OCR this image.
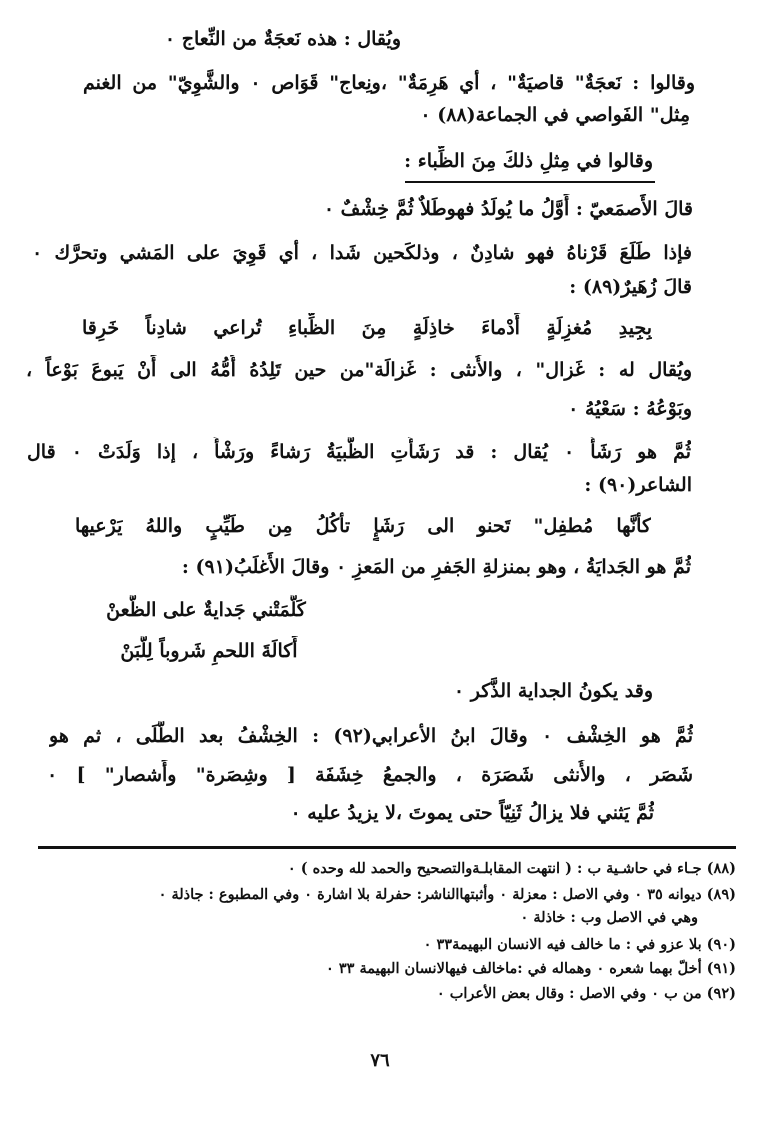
ويُقال : هذه نَعجَةٌ من النِّعاج ٠
وقالوا : نَعجَةٌ" قاصيَةٌ" ، أي هَرِمَةٌ" ،ونِعاج" قَوَاص ٠ والشَّوِيّ" من الغنم
مِثل" الفَواصي في الجماعة(٨٨) ٠
وقالوا في مِثلِ ذلكَ مِنَ الظِّباء :
قالَ الأَصمَعيّ : أَوَّلُ ما يُولَدُ فهوطَلاٌ ثُمَّ خِشْفٌ ٠
فإذا طَلَعَ قَرْناهُ فهو شادِنٌ ، وذلكَحين شَدا ، أي قَوِيَ على المَشي وتحرَّك ٠
قالَ زُهَيرٌ(٨٩) :
بِجِيدِ مُغزِلَةٍ أَدْماءَ خاذِلَةٍ مِنَ الظِّباءِ تُراعي شادِناً خَرِقا
ويُقال له : غَزال" ، والأُنثى : غَزالَة"من حين تَلِدُهُ أُمُّهُ الى أَنْ يَبوعَ بَوْعاً ،
وبَوْعُهُ : سَعْيُهُ ٠
ثُمَّ هو رَشَأٌ ٠ يُقال : قد رَشَأَتِ الظَّبيَةُ رَشاءً ورَشْأً ، إذا وَلَدَتْ ٠ قال
الشاعر(٩٠) :
كأنَّها مُطفِل" تَحنو الى رَشَإٍ تأكُلُ مِن طَيِّبٍ واللهُ يَرْعيها
ثُمَّ هو الجَدايَةُ ، وهو بمنزلةِ الجَفرِ من المَعزِ ٠ وقالَ الأَغلَبُ(٩١) :
كَلَّمَتْني جَدايةٌ على الظَّعنْ
أَكالَةَ اللحمِ شَروباً لِلَّبَنْ
وقد يكونُ الجداية الذَّكر ٠
ثُمَّ هو الخِشْف ٠ وقالَ ابنُ الأعرابي(٩٢) : الخِشْفُ بعد الطَّلَى ، ثم هو
شَصَر ، والأُنثى شَصَرَة ، والجمعُ خِشَفَة [ وشِصَرة" وأَشصار" ] ٠
ثُمَّ يَثني فلا يزالُ ثَنِيّاً حتى يموتَ ،لا يزيدُ عليه ٠
(٨٨) جـاء في حاشـية ب : ( انتهت المقابلـةوالتصحيح والحمد لله وحده ) ٠
(٨٩) ديوانه ٣٥ ٠ وفي الاصل : معزلة ٠ وأثبتهاالناشر: حفرلة بلا اشارة ٠ وفي المطبوع : جاذلة ٠
وهي في الاصل وب : خاذلة ٠
(٩٠) بلا عزو في : ما خالف فيه الانسان البهيمة٣٣ ٠
(٩١) أخلّ بهما شعره ٠ وهماله في :ماخالف فيهالانسان البهيمة ٣٣ ٠
(٩٢) من ب ٠ وفي الاصل : وقال بعض الأعراب ٠
٧٦
